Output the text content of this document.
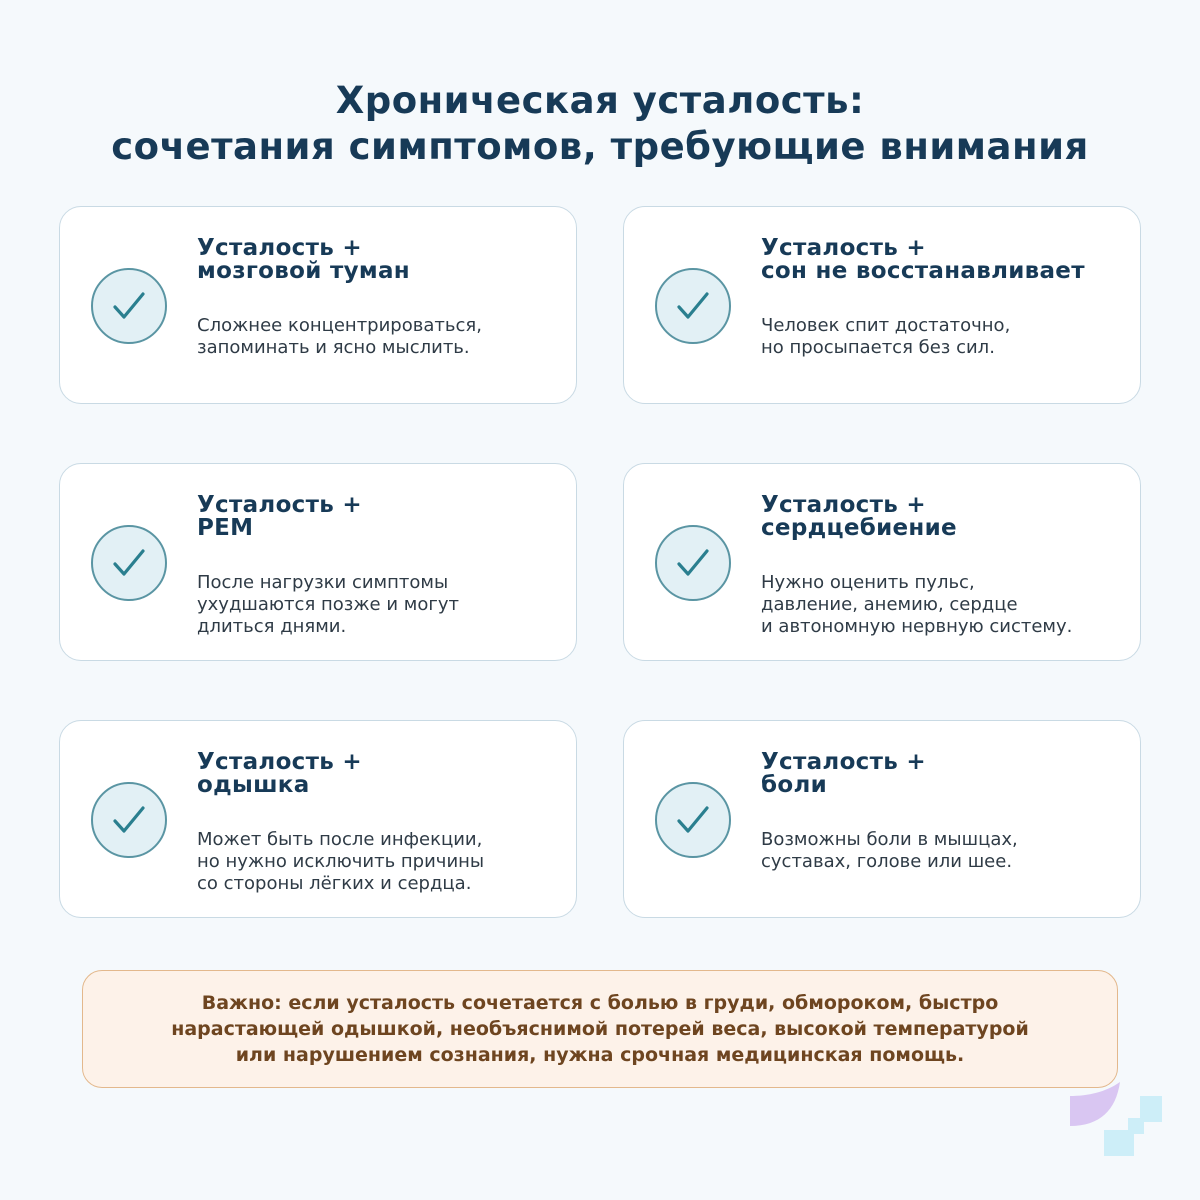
Хроническая усталость:
сочетания симптомов, требующие внимания
Усталость +
мозговой туман
Сложнее концентрироваться,
запоминать и ясно мыслить.
Усталость +
сон не восстанавливает
Человек спит достаточно,
но просыпается без сил.
Усталость +
PEM
После нагрузки симптомы
ухудшаются позже и могут
длиться днями.
Усталость +
сердцебиение
Нужно оценить пульс,
давление, анемию, сердце
и автономную нервную систему.
Усталость +
одышка
Может быть после инфекции,
но нужно исключить причины
со стороны лёгких и сердца.
Усталость +
боли
Возможны боли в мышцах,
суставах, голове или шее.
Важно: если усталость сочетается с болью в груди, обмороком, быстро
нарастающей одышкой, необъяснимой потерей веса, высокой температурой
или нарушением сознания, нужна срочная медицинская помощь.
